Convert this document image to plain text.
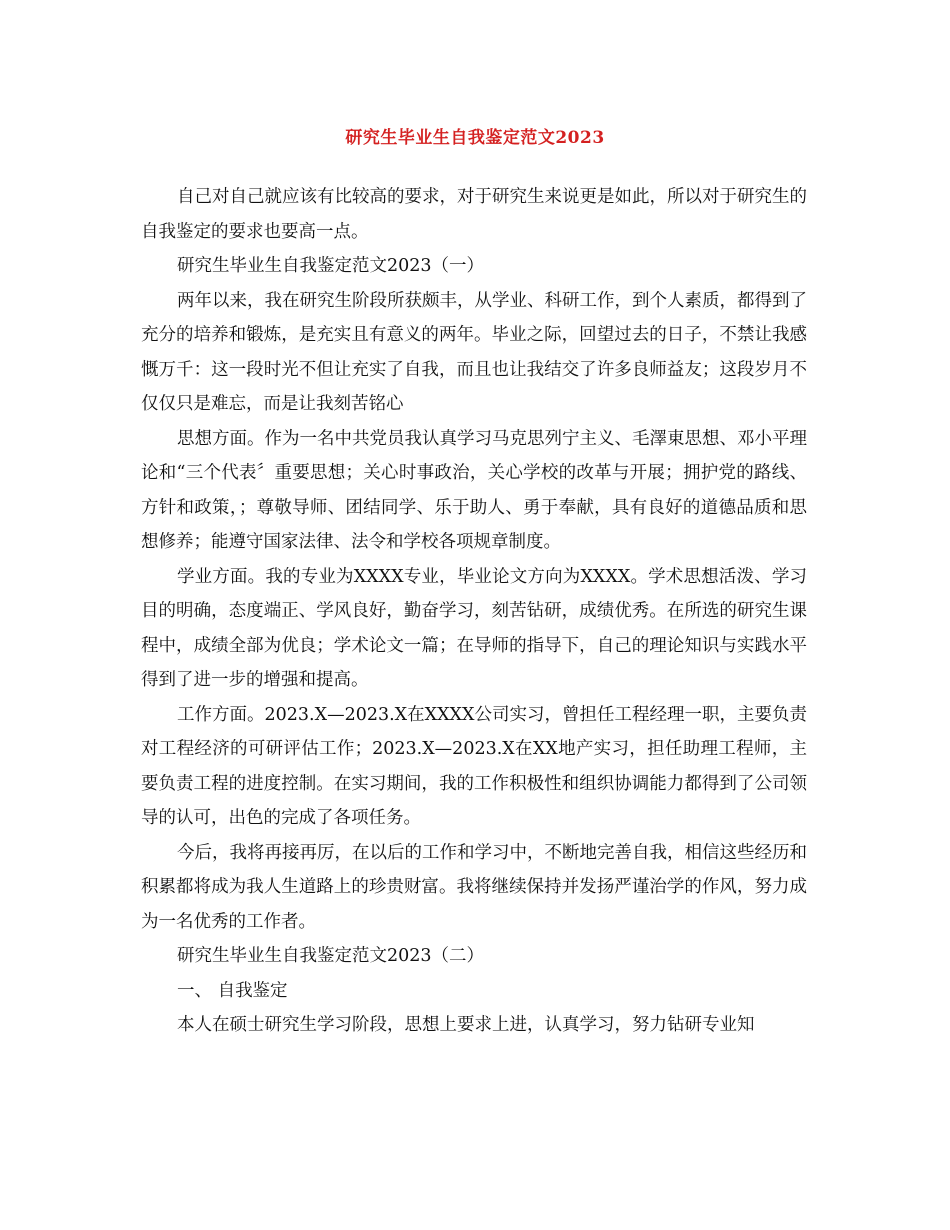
研究生毕业生自我鉴定范文2023

自己对自己就应该有比较高的要求，对于研究生来说更是如此，所以对于研究生的自我鉴定的要求也要高一点。

研究生毕业生自我鉴定范文2023（一）

两年以来，我在研究生阶段所获颇丰，从学业、科研工作，到个人素质，都得到了充分的培养和锻炼，是充实且有意义的两年。毕业之际，回望过去的日子，不禁让我感慨万千：这一段时光不但让充实了自我，而且也让我结交了许多良师益友；这段岁月不仅仅只是难忘，而是让我刻苦铭心

思想方面。作为一名中共党员我认真学习马克思列宁主义、毛澤東思想、邓小平理论和“三个代表〞重要思想；关心时事政治，关心学校的改革与开展；拥护党的路线、方针和政策，；尊敬导师、团结同学、乐于助人、勇于奉献，具有良好的道德品质和思想修养；能遵守国家法律、法令和学校各项规章制度。

学业方面。我的专业为XXXX专业，毕业论文方向为XXXX。学术思想活泼、学习目的明确，态度端正、学风良好，勤奋学习，刻苦钻研，成绩优秀。在所选的研究生课程中，成绩全部为优良；学术论文一篇；在导师的指导下，自己的理论知识与实践水平得到了进一步的增强和提高。

工作方面。2023.X—2023.X在XXXX公司实习，曾担任工程经理一职，主要负责对工程经济的可研评估工作；2023.X—2023.X在XX地产实习，担任助理工程师，主要负责工程的进度控制。在实习期间，我的工作积极性和组织协调能力都得到了公司领导的认可，出色的完成了各项任务。

今后，我将再接再厉，在以后的工作和学习中，不断地完善自我，相信这些经历和积累都将成为我人生道路上的珍贵财富。我将继续保持并发扬严谨治学的作风，努力成为一名优秀的工作者。

研究生毕业生自我鉴定范文2023（二）

一、 自我鉴定

本人在硕士研究生学习阶段，思想上要求上进，认真学习，努力钻研专业知
